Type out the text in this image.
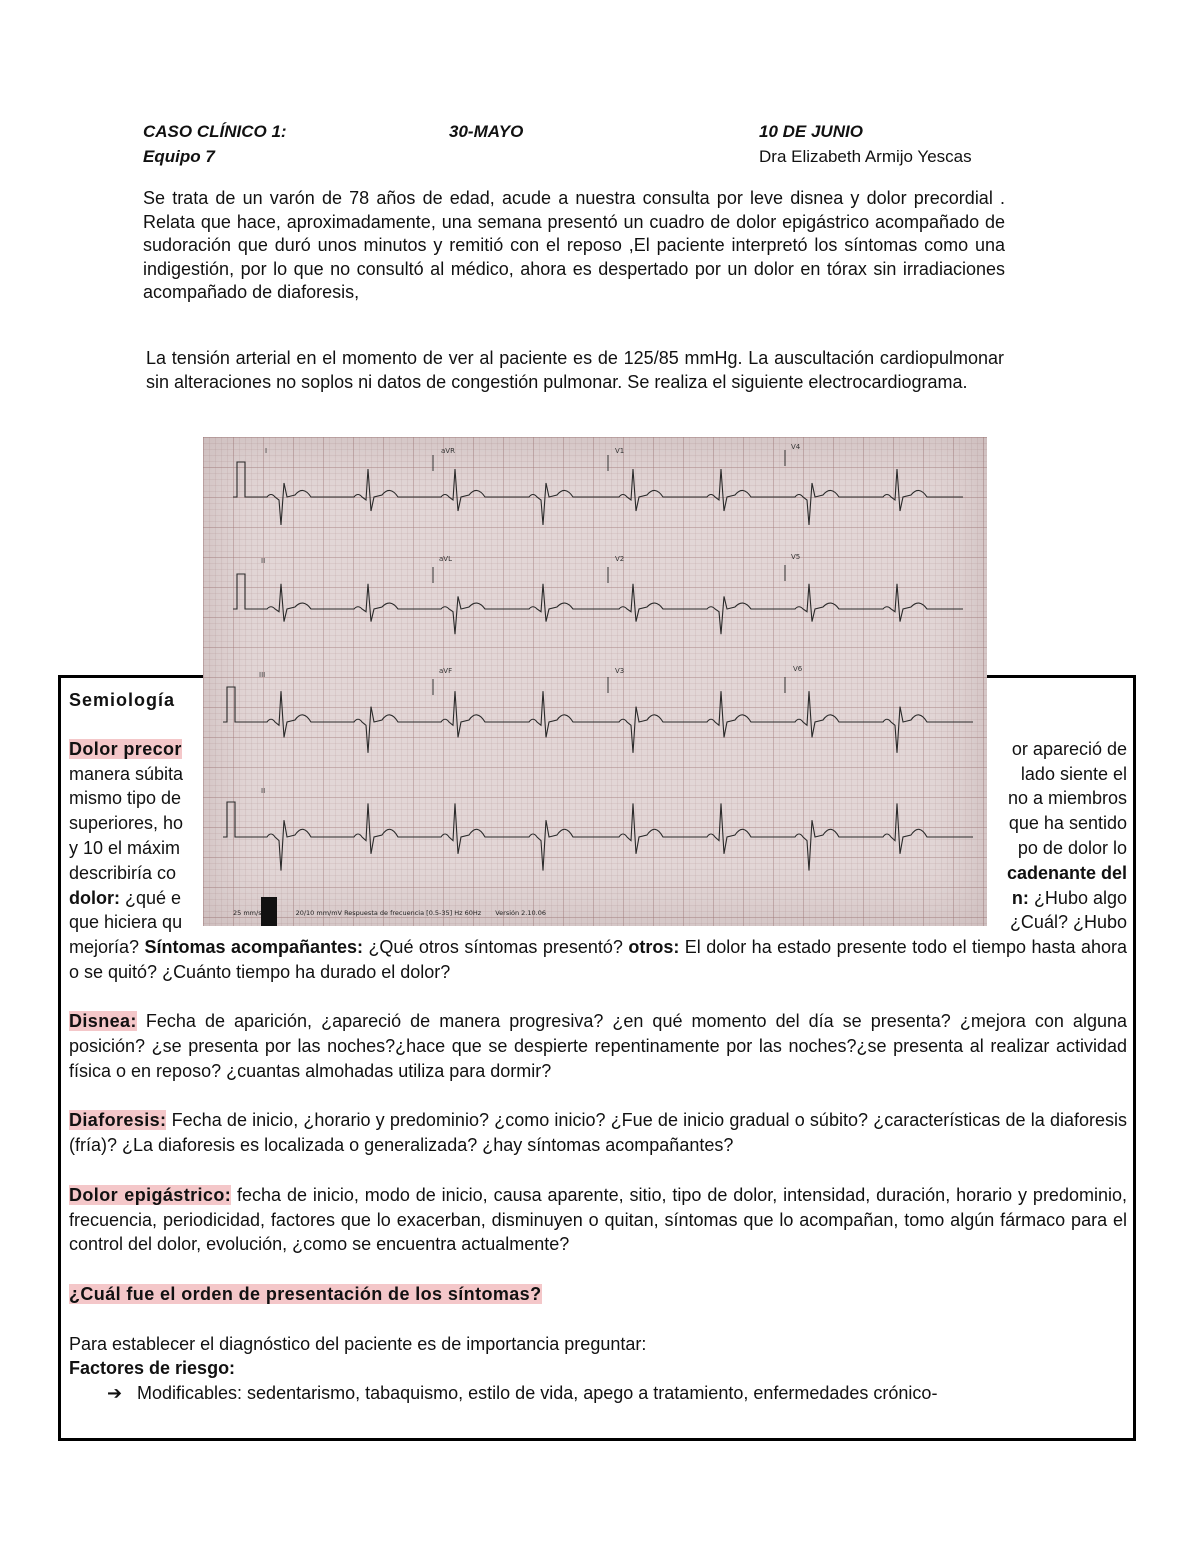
CASO CLÍNICO 1:	30-MAYO	10 DE JUNIO
Equipo 7	Dra Elizabeth Armijo Yescas
Se trata de un varón de 78 años de edad, acude a nuestra consulta por leve disnea y dolor precordial . Relata que hace, aproximadamente, una semana presentó un cuadro de dolor epigástrico acompañado de sudoración que duró unos minutos y remitió con el reposo ,El paciente interpretó los síntomas como una indigestión, por lo que no consultó al médico, ahora es despertado por un dolor en tórax sin irradiaciones acompañado de diaforesis,
La tensión arterial en el momento de ver al paciente es de 125/85 mmHg. La auscultación cardiopulmonar sin alteraciones no soplos ni datos de congestión pulmonar. Se realiza el siguiente electrocardiograma.

Semiología

Dolor precor	or apareció de
manera súbita	lado siente el
mismo tipo de	no a miembros
superiores, ho	que ha sentido
y 10 el máxim	po de dolor lo
describiría co	cadenante del
dolor: ¿qué e	n: ¿Hubo algo
que hiciera qu	¿Cuál? ¿Hubo

mejoría? Síntomas acompañantes: ¿Qué otros síntomas presentó? otros: El dolor ha estado presente todo el tiempo hasta ahora o se quitó? ¿Cuánto tiempo ha durado el dolor?

Disnea: Fecha de aparición, ¿apareció de manera progresiva? ¿en qué momento del día se presenta? ¿mejora con alguna posición? ¿se presenta por las noches?¿hace que se despierte repentinamente por las noches?¿se presenta al realizar actividad física o en reposo? ¿cuantas almohadas utiliza para dormir?

Diaforesis: Fecha de inicio, ¿horario y predominio? ¿como inicio? ¿Fue de inicio gradual o súbito? ¿características de la diaforesis (fría)? ¿La diaforesis es localizada o generalizada? ¿hay síntomas acompañantes?

Dolor epigástrico: fecha de inicio, modo de inicio, causa aparente, sitio, tipo de dolor, intensidad, duración, horario y predominio, frecuencia, periodicidad, factores que lo exacerban, disminuyen o quitan, síntomas que lo acompañan, tomo algún fármaco para el control del dolor, evolución, ¿como se encuentra actualmente?

¿Cuál fue el orden de presentación de los síntomas?

Para establecer el diagnóstico del paciente es de importancia preguntar:

Factores de riesgo:

➔ Modificables: sedentarismo, tabaquismo, estilo de vida, apego a tratamiento, enfermedades crónico-
I	aVR	V1	V4
II	aVL	V2	V5
III	aVF	V3	V6
II
25 mm/s	20/10 mm/mV Respuesta de frecuencia [0.5-35] Hz 60Hz Versión 2.10.06
